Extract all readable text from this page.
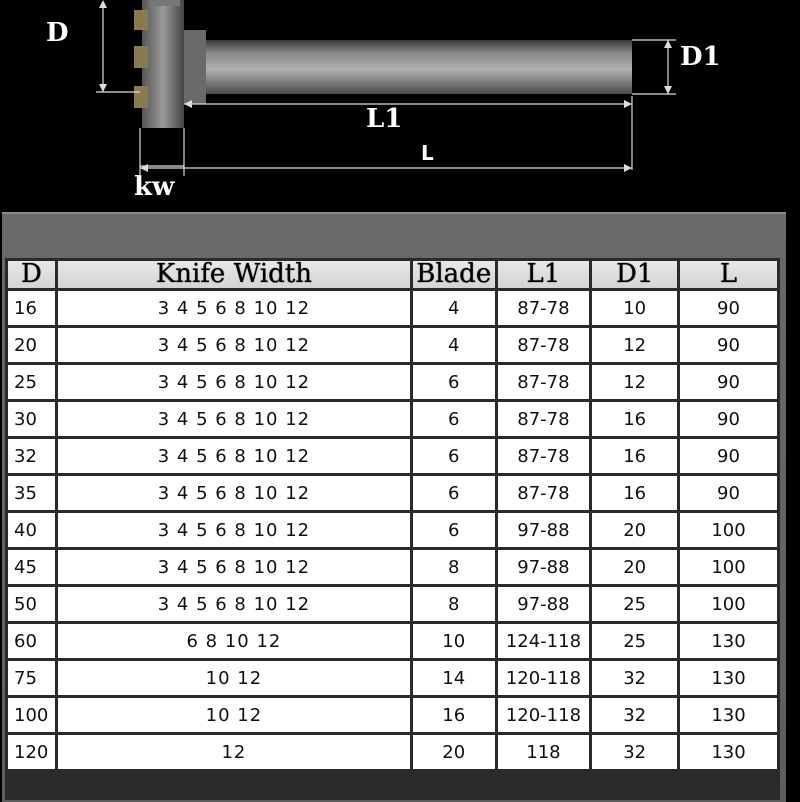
D
D1
L1
L
kw
D	Knife Width	Blade	L1	D1	L
16	3 4 5 6 8 10 12	4	87-78	10	90
20	3 4 5 6 8 10 12	4	87-78	12	90
25	3 4 5 6 8 10 12	6	87-78	12	90
30	3 4 5 6 8 10 12	6	87-78	16	90
32	3 4 5 6 8 10 12	6	87-78	16	90
35	3 4 5 6 8 10 12	6	87-78	16	90
40	3 4 5 6 8 10 12	6	97-88	20	100
45	3 4 5 6 8 10 12	8	97-88	20	100
50	3 4 5 6 8 10 12	8	97-88	25	100
60	6 8 10 12	10	124-118	25	130
75	10 12	14	120-118	32	130
100	10 12	16	120-118	32	130
120	12	20	118	32	130
